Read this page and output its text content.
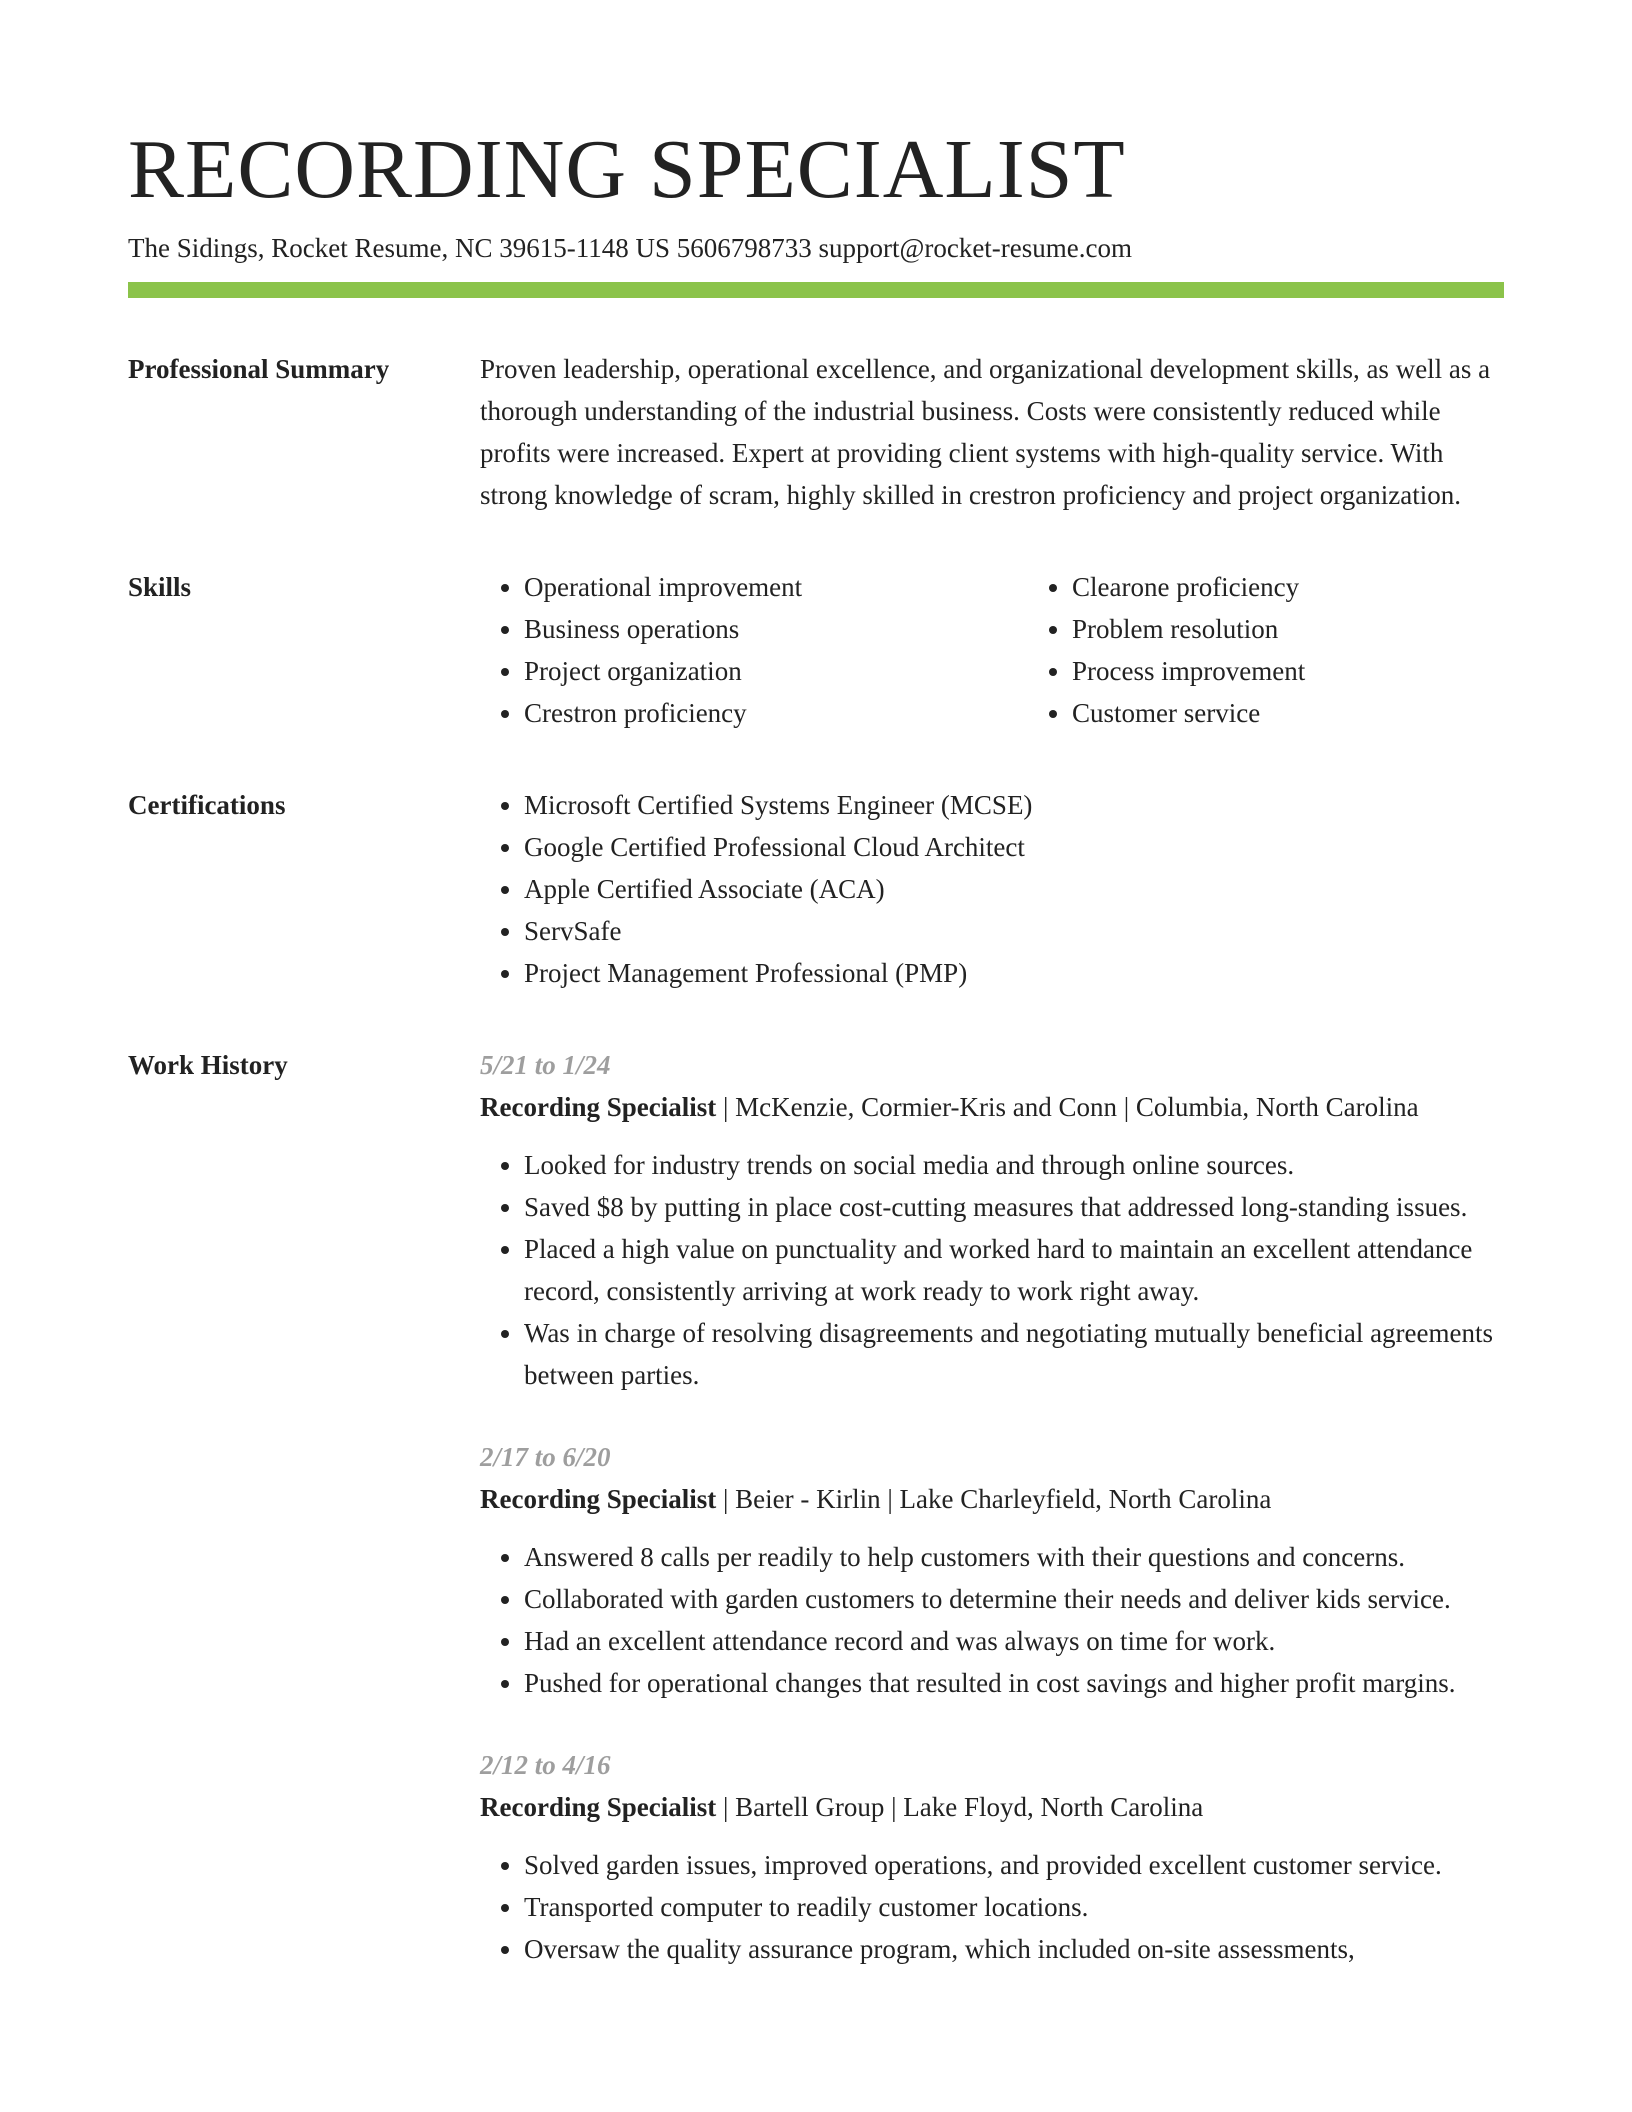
RECORDING SPECIALIST
The Sidings, Rocket Resume, NC 39615-1148 US 5606798733 support@rocket-resume.com
Professional Summary	Proven leadership, operational excellence, and organizational development skills, as well as a thorough understanding of the industrial business. Costs were consistently reduced while profits were increased. Expert at providing client systems with high-quality service. With strong knowledge of scram, highly skilled in crestron proficiency and project organization.

Skills	• Operational improvement
• Business operations
• Project organization
• Crestron proficiency
• Clearone proficiency
• Problem resolution
• Process improvement
• Customer service
Certifications	• Microsoft Certified Systems Engineer (MCSE)
• Google Certified Professional Cloud Architect
• Apple Certified Associate (ACA)
• ServSafe
• Project Management Professional (PMP)
Work History	5/21 to 1/24
Recording Specialist | McKenzie, Cormier-Kris and Conn | Columbia, North Carolina
• Looked for industry trends on social media and through online sources.
• Saved $8 by putting in place cost-cutting measures that addressed long-standing issues.
• Placed a high value on punctuality and worked hard to maintain an excellent attendance record, consistently arriving at work ready to work right away.
• Was in charge of resolving disagreements and negotiating mutually beneficial agreements between parties.
2/17 to 6/20
Recording Specialist | Beier - Kirlin | Lake Charleyfield, North Carolina
• Answered 8 calls per readily to help customers with their questions and concerns.
• Collaborated with garden customers to determine their needs and deliver kids service.
• Had an excellent attendance record and was always on time for work.
• Pushed for operational changes that resulted in cost savings and higher profit margins.
2/12 to 4/16
Recording Specialist | Bartell Group | Lake Floyd, North Carolina
• Solved garden issues, improved operations, and provided excellent customer service.
• Transported computer to readily customer locations.
• Oversaw the quality assurance program, which included on-site assessments,
